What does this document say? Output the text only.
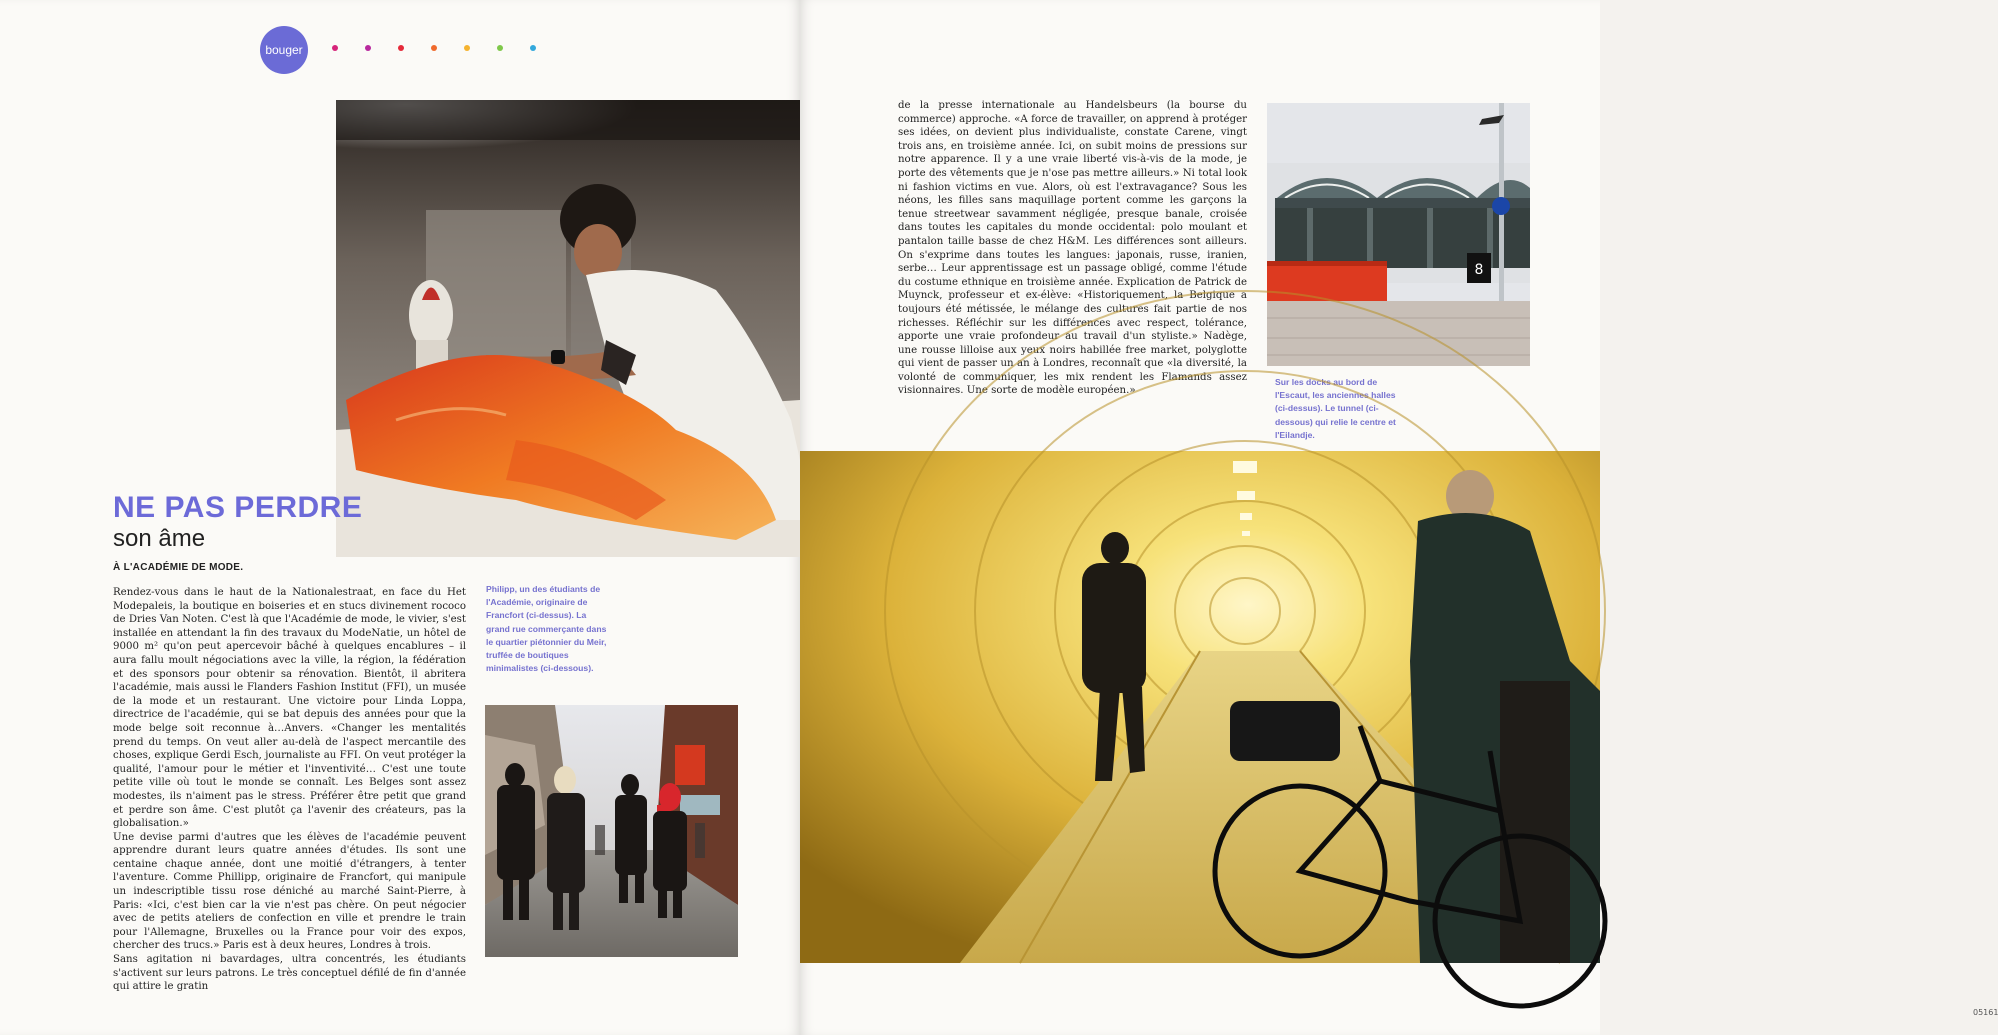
bouger
NE PAS PERDRE
son âme
À L'ACADÉMIE DE MODE.

Rendez-vous dans le haut de la Nationalestraat, en face du Het Modepaleis, la boutique en boiseries et en stucs divinement rococo de Dries Van Noten. C'est là que l'Académie de mode, le vivier, s'est installée en attendant la fin des travaux du ModeNatie, un hôtel de 9000 m² qu'on peut apercevoir bâché à quelques encablures – il aura fallu moult négociations avec la ville, la région, la fédération et des sponsors pour obtenir sa rénovation. Bientôt, il abritera l'académie, mais aussi le Flanders Fashion Institut (FFI), un musée de la mode et un restaurant. Une victoire pour Linda Loppa, directrice de l'académie, qui se bat depuis des années pour que la mode belge soit reconnue à…Anvers. «Changer les mentalités prend du temps. On veut aller au-delà de l'aspect mercantile des choses, explique Gerdi Esch, journaliste au FFI. On veut protéger la qualité, l'amour pour le métier et l'inventivité… C'est une toute petite ville où tout le monde se connaît. Les Belges sont assez modestes, ils n'aiment pas le stress. Préférer être petit que grand et perdre son âme. C'est plutôt ça l'avenir des créateurs, pas la globalisation.»

Une devise parmi d'autres que les élèves de l'académie peuvent apprendre durant leurs quatre années d'études. Ils sont une centaine chaque année, dont une moitié d'étrangers, à tenter l'aventure. Comme Phillipp, originaire de Francfort, qui manipule un indescriptible tissu rose déniché au marché Saint-Pierre, à Paris: «Ici, c'est bien car la vie n'est pas chère. On peut négocier avec de petits ateliers de confection en ville et prendre le train pour l'Allemagne, Bruxelles ou la France pour voir des expos, chercher des trucs.» Paris est à deux heures, Londres à trois.

Sans agitation ni bavardages, ultra concentrés, les étudiants s'activent sur leurs patrons. Le très conceptuel défilé de fin d'année qui attire le gratin

Philipp, un des étudiants de l'Académie, originaire de Francfort (ci-dessus). La grand rue commerçante dans le quartier piétonnier du Meir, truffée de boutiques minimalistes (ci-dessous).
de la presse internationale au Handelsbeurs (la bourse du commerce) approche. «A force de travailler, on apprend à protéger ses idées, on devient plus individualiste, constate Carene, vingt trois ans, en troisième année. Ici, on subit moins de pressions sur notre apparence. Il y a une vraie liberté vis-à-vis de la mode, je porte des vêtements que je n'ose pas mettre ailleurs.» Ni total look ni fashion victims en vue. Alors, où est l'extravagance? Sous les néons, les filles sans maquillage portent comme les garçons la tenue streetwear savamment négligée, presque banale, croisée dans toutes les capitales du monde occidental: polo moulant et pantalon taille basse de chez H&M. Les différences sont ailleurs. On s'exprime dans toutes les langues: japonais, russe, iranien, serbe… Leur apprentissage est un passage obligé, comme l'étude du costume ethnique en troisième année. Explication de Patrick de Muynck, professeur et ex-élève: «Historiquement, la Belgique a toujours été métissée, le mélange des cultures fait partie de nos richesses. Réfléchir sur les différences avec respect, tolérance, apporte une vraie profondeur au travail d'un styliste.» Nadège, une rousse lilloise aux yeux noirs habillée free market, polyglotte qui vient de passer un an à Londres, reconnaît que «la diversité, la volonté de communiquer, les mix rendent les Flamands assez visionnaires. Une sorte de modèle européen.»
8
Sur les docks au bord de l'Escaut, les anciennes halles (ci-dessus). Le tunnel (ci-dessous) qui relie le centre et l'Eilandje.
05161
